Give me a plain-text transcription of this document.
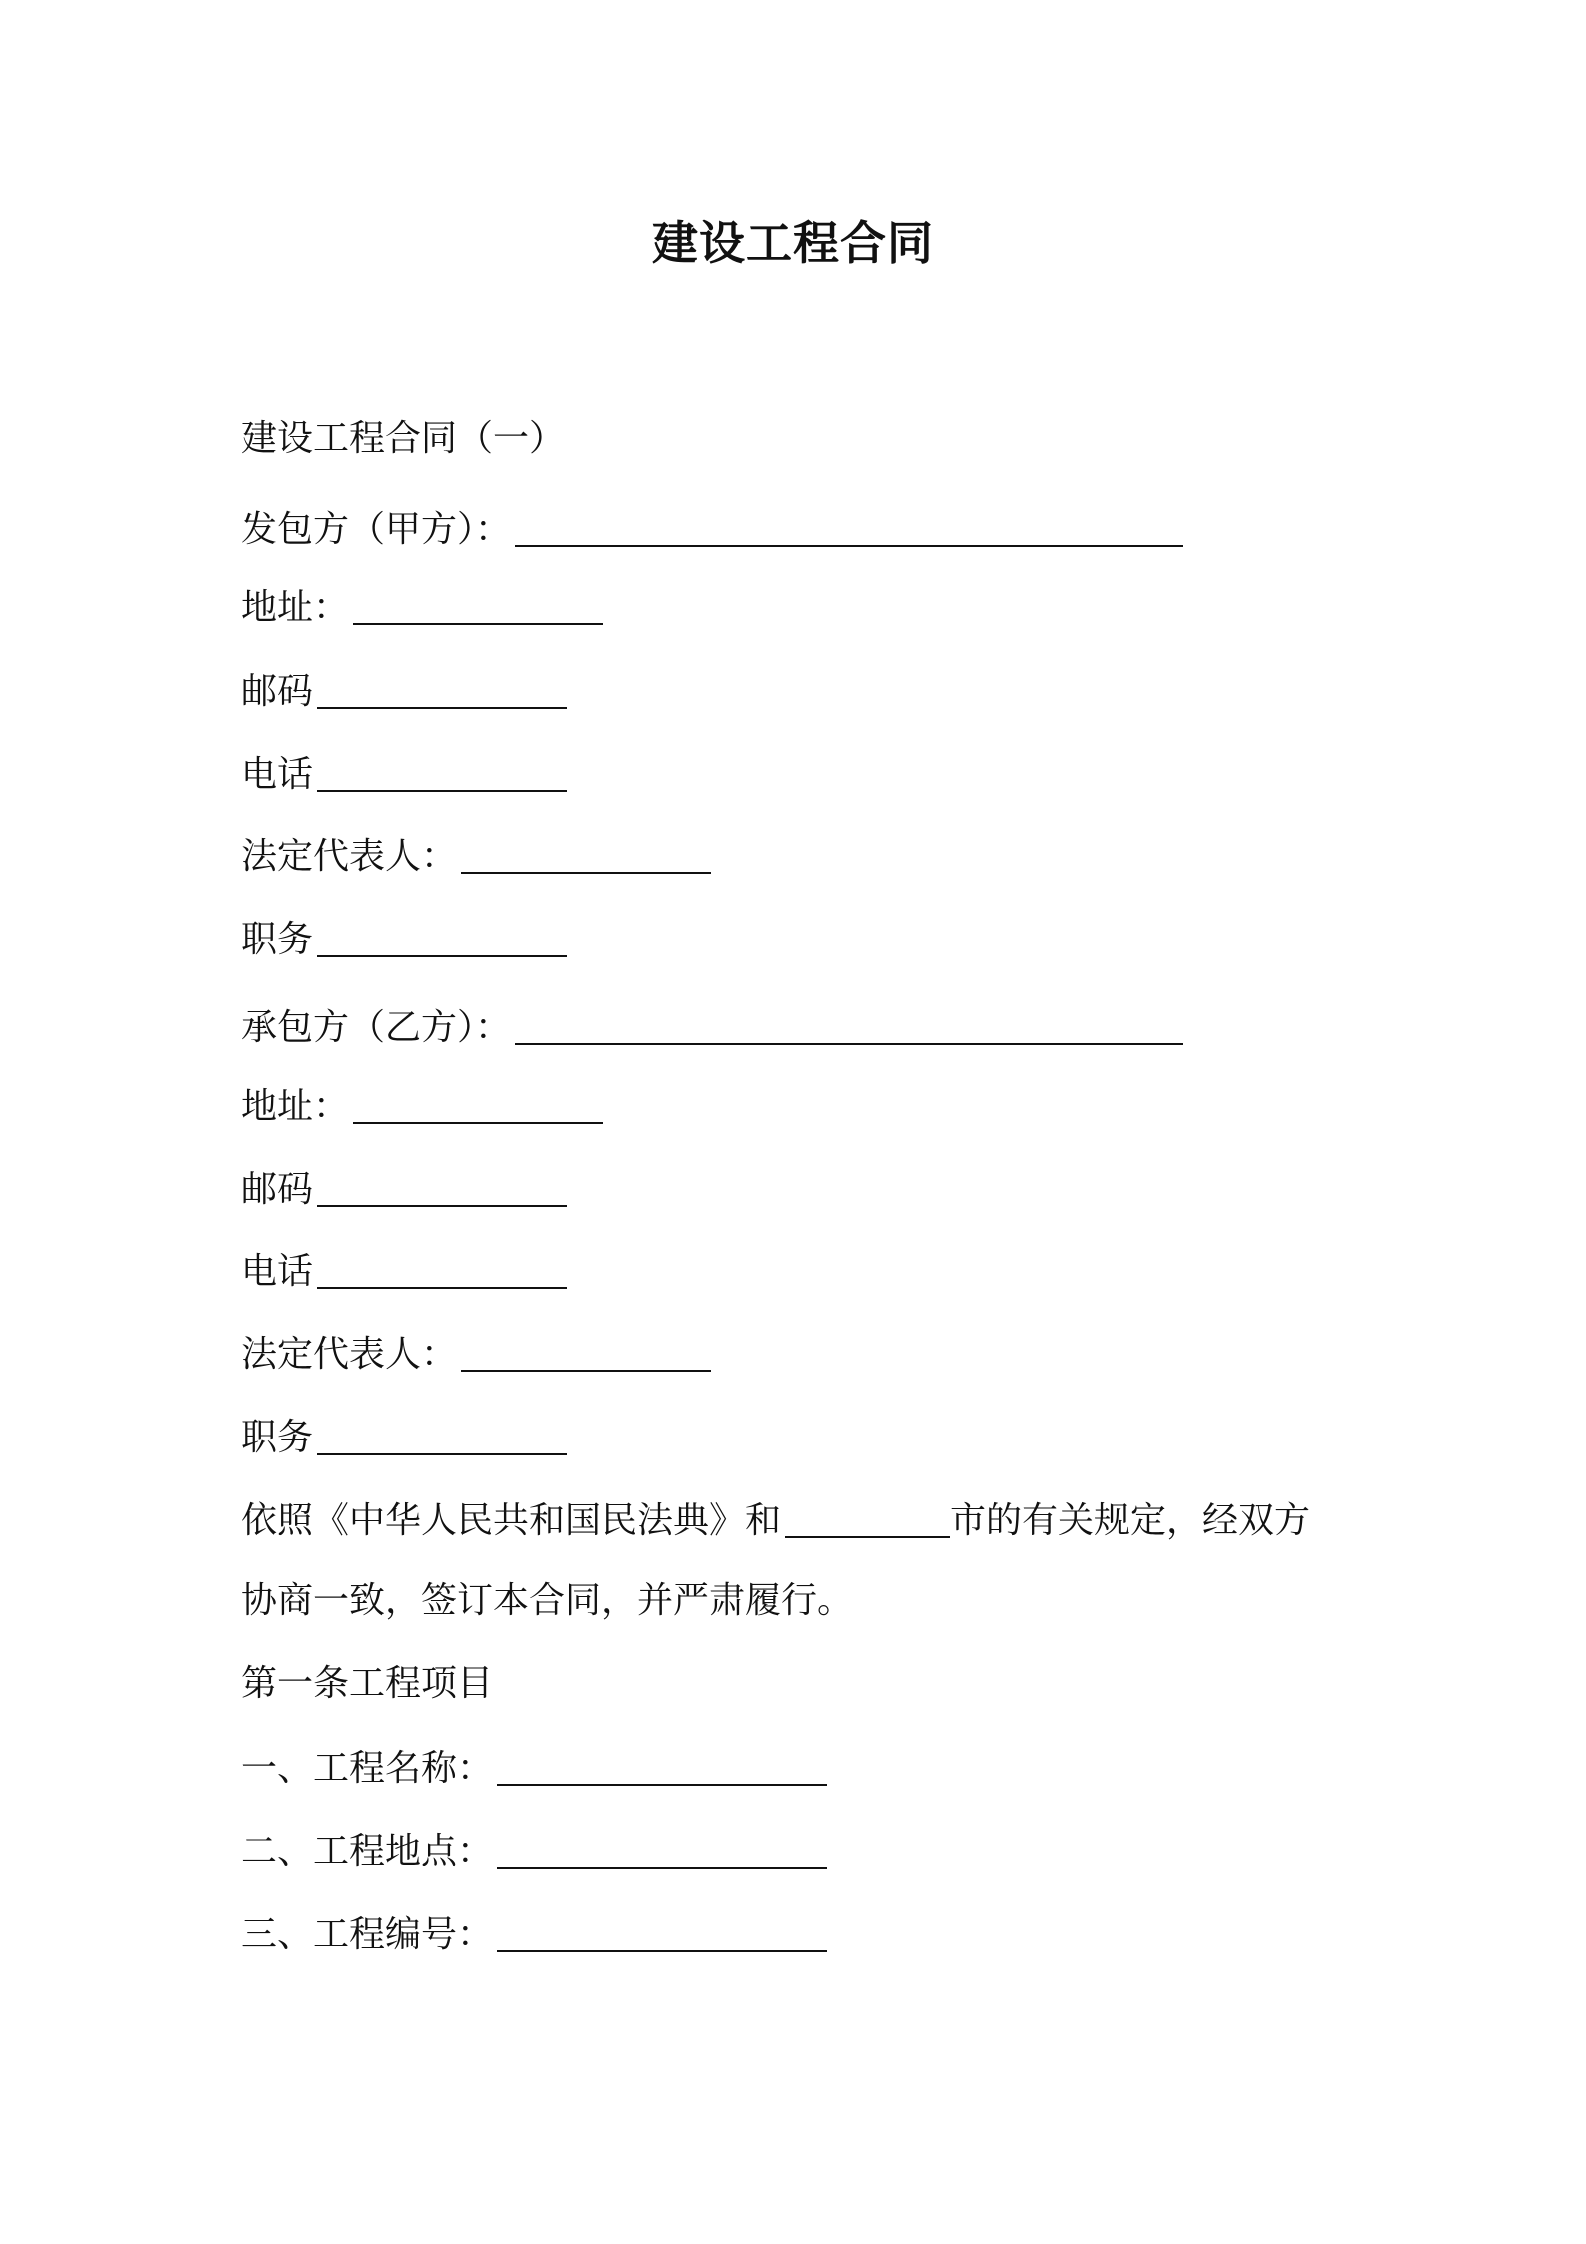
建设工程合同

建设工程合同（一）

发包方（甲方）：

地址：

邮码

电话

法定代表人：

职务

承包方（乙方）：

地址：

邮码

电话

法定代表人：

职务

依照《中华人民共和国民法典》和	市的有关规定，经双方

协商一致，签订本合同，并严肃履行。

第一条工程项目

一、工程名称：

二、工程地点：

三、工程编号：
